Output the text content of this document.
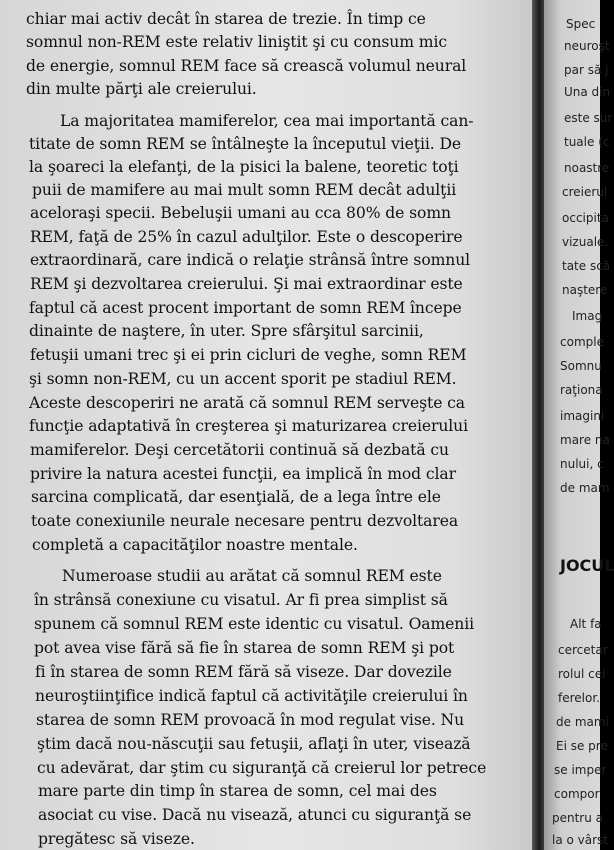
chiar mai activ decât în starea de trezie. În timp ce
somnul non-REM este relativ liniştit şi cu consum mic
de energie, somnul REM face să crească volumul neural
din multe părţi ale creierului.
La majoritatea mamiferelor, cea mai importantă can-
titate de somn REM se întâlneşte la începutul vieţii. De
la şoareci la elefanţi, de la pisici la balene, teoretic toţi
puii de mamifere au mai mult somn REM decât adulţii
aceloraşi specii. Bebeluşii umani au cca 80% de somn
REM, faţă de 25% în cazul adulţilor. Este o descoperire
extraordinară, care indică o relaţie strânsă între somnul
REM şi dezvoltarea creierului. Şi mai extraordinar este
faptul că acest procent important de somn REM începe
dinainte de naştere, în uter. Spre sfârşitul sarcinii,
fetuşii umani trec şi ei prin cicluri de veghe, somn REM
şi somn non-REM, cu un accent sporit pe stadiul REM.
Aceste descoperiri ne arată că somnul REM serveşte ca
funcţie adaptativă în creşterea şi maturizarea creierului
mamiferelor. Deşi cercetătorii continuă să dezbată cu
privire la natura acestei funcţii, ea implică în mod clar
sarcina complicată, dar esenţială, de a lega între ele
toate conexiunile neurale necesare pentru dezvoltarea
completă a capacităţilor noastre mentale.
Numeroase studii au arătat că somnul REM este
în strânsă conexiune cu visatul. Ar fi prea simplist să
spunem că somnul REM este identic cu visatul. Oamenii
pot avea vise fără să fie în starea de somn REM şi pot
fi în starea de somn REM fără să viseze. Dar dovezile
neuroştiinţifice indică faptul că activităţile creierului în
starea de somn REM provoacă în mod regulat vise. Nu
ştim dacă nou-născuţii sau fetuşii, aflaţi în uter, visează
cu adevărat, dar ştim cu siguranţă că creierul lor petrece
mare parte din timp în starea de somn, cel mai des
asociat cu vise. Dacă nu visează, atunci cu siguranţă se
pregătesc să viseze.
Spec
neuroşt
par să j
Una din
este sur
tuale (c
noastre
creierul
occipita
vizuale.
tate scă
naştere
Imag
comple
Somnu
raţiona
imagini
mare na
nului, c
de mam
JOCUL
Alt fa
cercetar
rolul cei
ferelor.
de mami
Ei se pre
se imper
compor
pentru a
la o vârst
